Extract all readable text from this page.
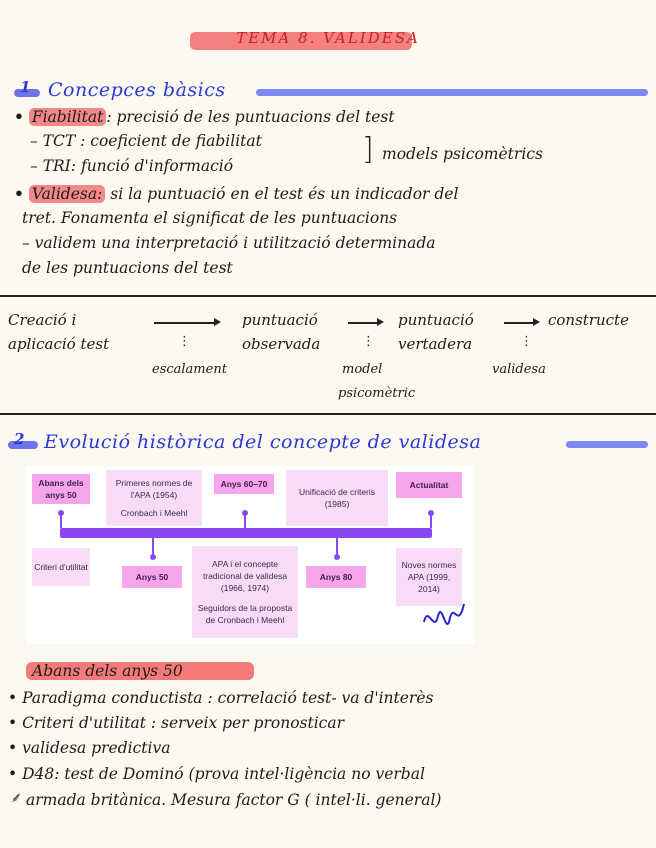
TEMA 8. VALIDESA
1 Concepces bàsics
• Fiabilitat : precisió de les puntuacions del test
– TCT : coeficient de fiabilitat
– TRI: funció d'informació	] models psicomètrics
• Validesa: si la puntuació en el test és un indicador del
tret. Fonamenta el significat de les puntuacions
– validem una interpretació i utilització determinada
de les puntuacions del test
Creació i
aplicació test	⋮
puntuació
observada	⋮
puntuació
vertadera	⋮
constructe
escalament	model
psicomètric
validesa
2 Evolució històrica del concepte de validesa
Abans dels anys 50
Primeres normes de l'APA (1954)
Cronbach i Meehl
Anys 60–70
Unificació de criteris (1985)
Actualitat
Criteri d'utilitat
Anys 50
APA i el concepte tradicional de validesa (1966, 1974)
Seguidors de la proposta de Cronbach i Meehl
Anys 80
Noves normes APA (1999, 2014)
Abans dels anys 50
• Paradigma conductista : correlació test- va d'interès
• Criteri d'utilitat : serveix per pronosticar
• validesa predictiva
• D48: test de Dominó (prova intel·ligència no verbal
⸙ armada britànica. Mesura factor G ( intel·li. general)
